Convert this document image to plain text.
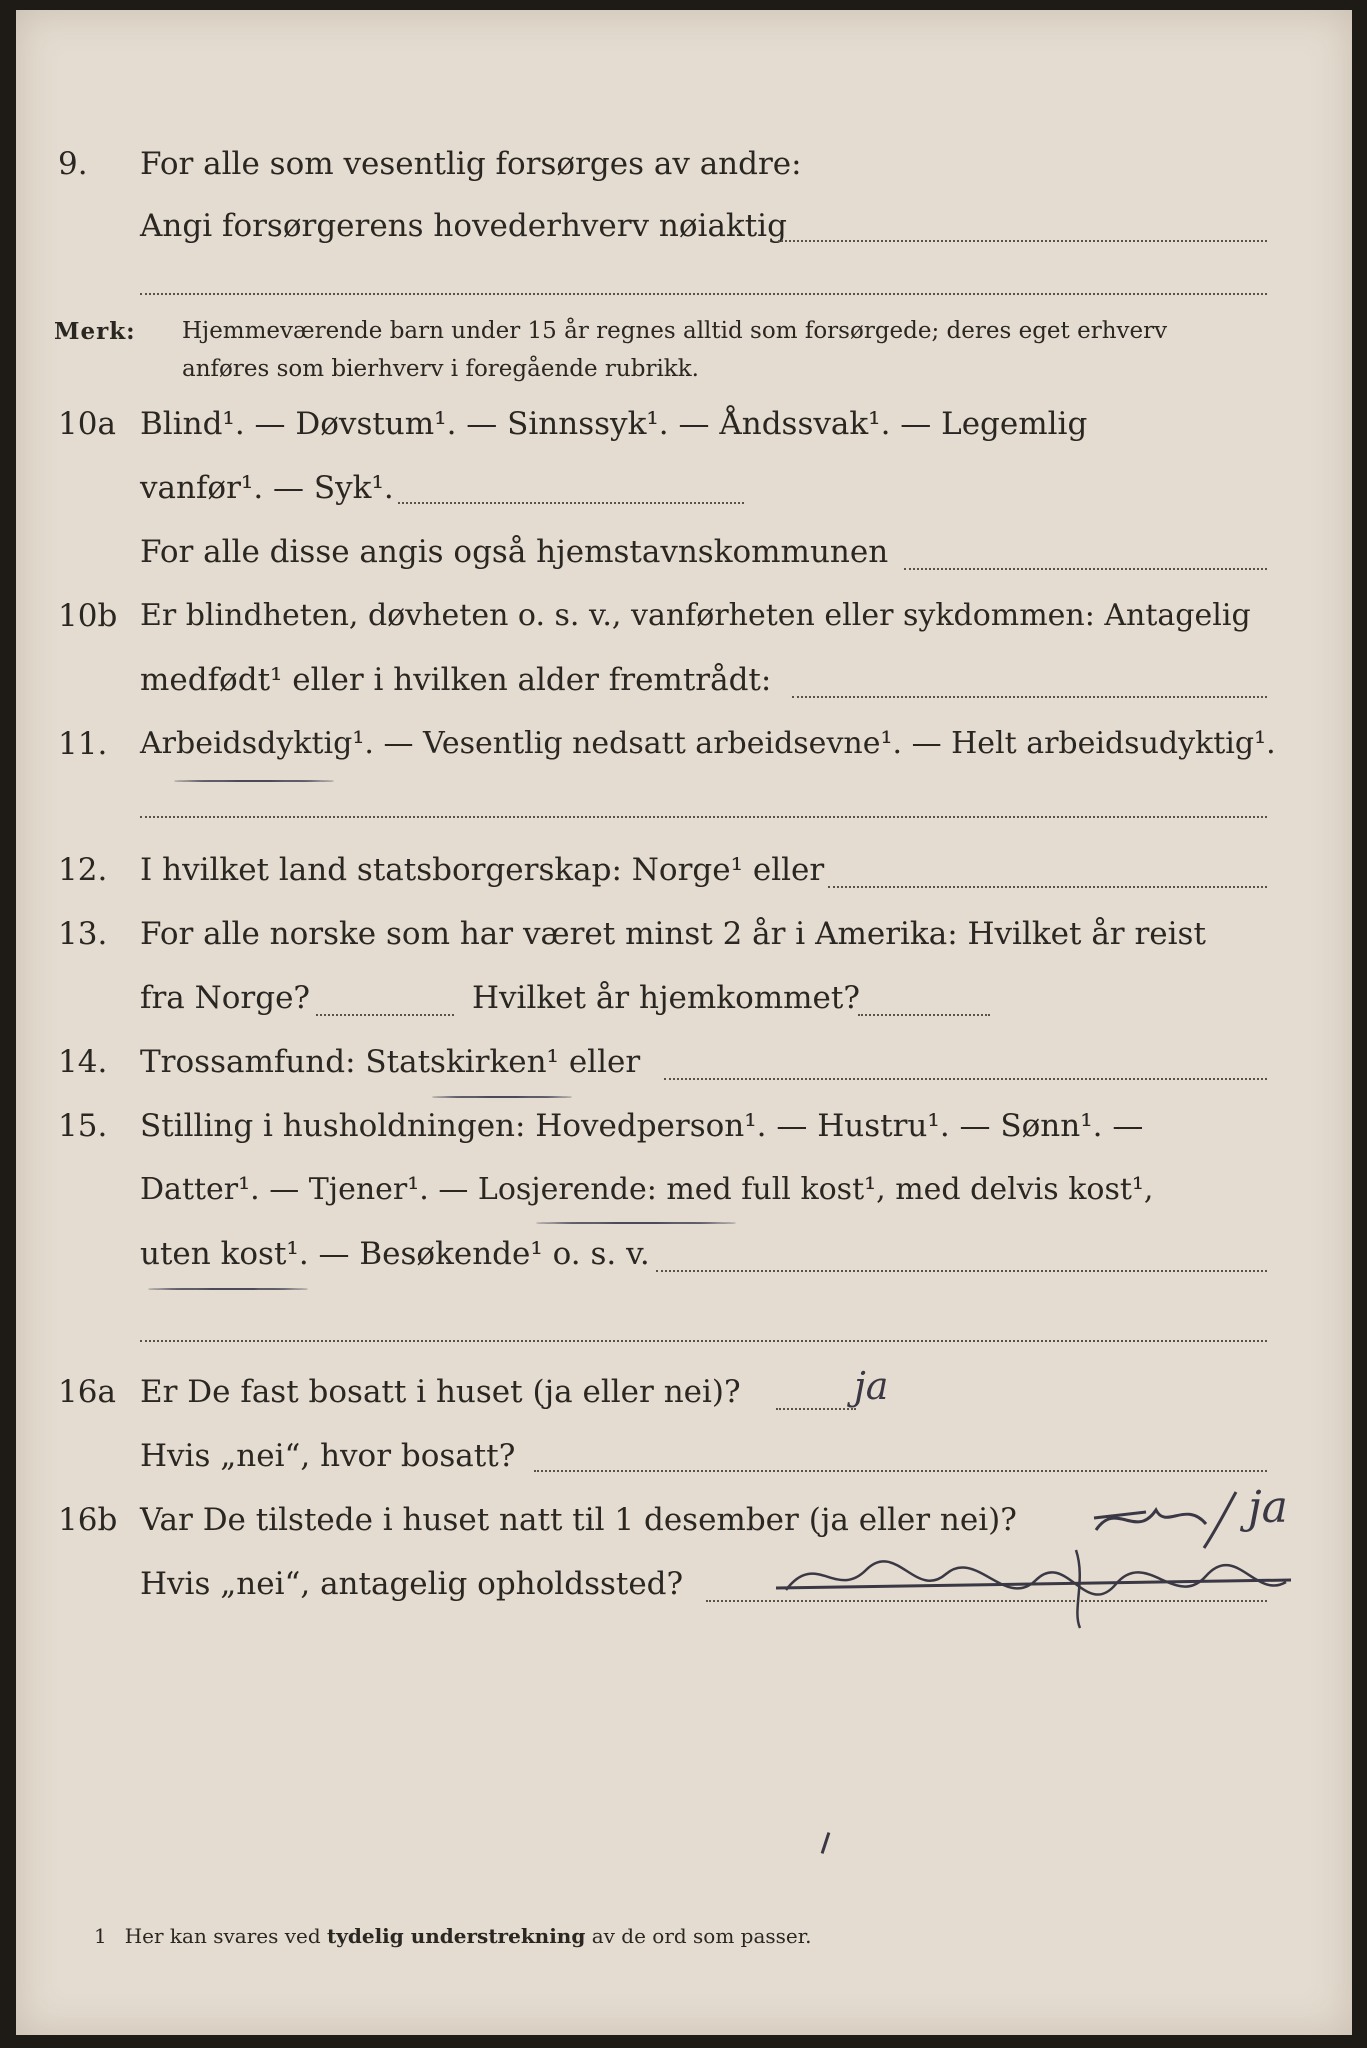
9. For alle som vesentlig forsørges av andre:
Angi forsørgerens hovederhverv nøiaktig
Merk: Hjemmeværende barn under 15 år regnes alltid som forsørgede; deres eget erhverv
anføres som bierhverv i foregående rubrikk.
10a Blind¹. — Døvstum¹. — Sinnssyk¹. — Åndssvak¹. — Legemlig
vanfør¹. — Syk¹.
For alle disse angis også hjemstavnskommunen
10b Er blindheten, døvheten o. s. v., vanførheten eller sykdommen: Antagelig
medfødt¹ eller i hvilken alder fremtrådt:
11. Arbeidsdyktig¹. — Vesentlig nedsatt arbeidsevne¹. — Helt arbeidsudyktig¹.
12. I hvilket land statsborgerskap: Norge¹ eller
13. For alle norske som har været minst 2 år i Amerika: Hvilket år reist
fra Norge?	Hvilket år hjemkommet?
14. Trossamfund: Statskirken¹ eller
15. Stilling i husholdningen: Hovedperson¹. — Hustru¹. — Sønn¹. —
Datter¹. — Tjener¹. — Losjerende: med full kost¹, med delvis kost¹,
uten kost¹. — Besøkende¹ o. s. v.
16a Er De fast bosatt i huset (ja eller nei)?	ja
Hvis „nei“, hvor bosatt?
16b Var De tilstede i huset natt til 1 desember (ja eller nei)?	ja
Hvis „nei“, antagelig opholdssted?
1 Her kan svares ved tydelig understrekning av de ord som passer.
